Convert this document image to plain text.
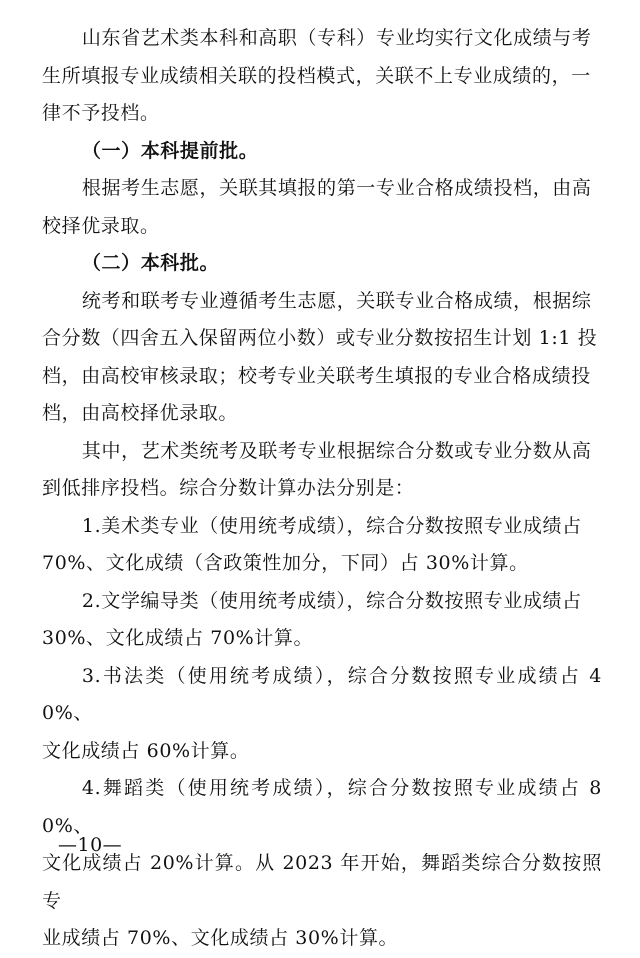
山东省艺术类本科和高职（专科）专业均实行文化成绩与考
生所填报专业成绩相关联的投档模式，关联不上专业成绩的，一
律不予投档。

（一）本科提前批。

根据考生志愿，关联其填报的第一专业合格成绩投档，由高
校择优录取。

（二）本科批。

统考和联考专业遵循考生志愿，关联专业合格成绩，根据综
合分数（四舍五入保留两位小数）或专业分数按招生计划 1:1 投
档，由高校审核录取；校考专业关联考生填报的专业合格成绩投
档，由高校择优录取。

其中，艺术类统考及联考专业根据综合分数或专业分数从高
到低排序投档。综合分数计算办法分别是：

1.美术类专业（使用统考成绩），综合分数按照专业成绩占
70%、文化成绩（含政策性加分，下同）占 30%计算。

2.文学编导类（使用统考成绩），综合分数按照专业成绩占
30%、文化成绩占 70%计算。

3.书法类（使用统考成绩），综合分数按照专业成绩占 40%、
文化成绩占 60%计算。

4.舞蹈类（使用统考成绩），综合分数按照专业成绩占 80%、
文化成绩占 20%计算。从 2023 年开始，舞蹈类综合分数按照专
业成绩占 70%、文化成绩占 30%计算。

—10—
